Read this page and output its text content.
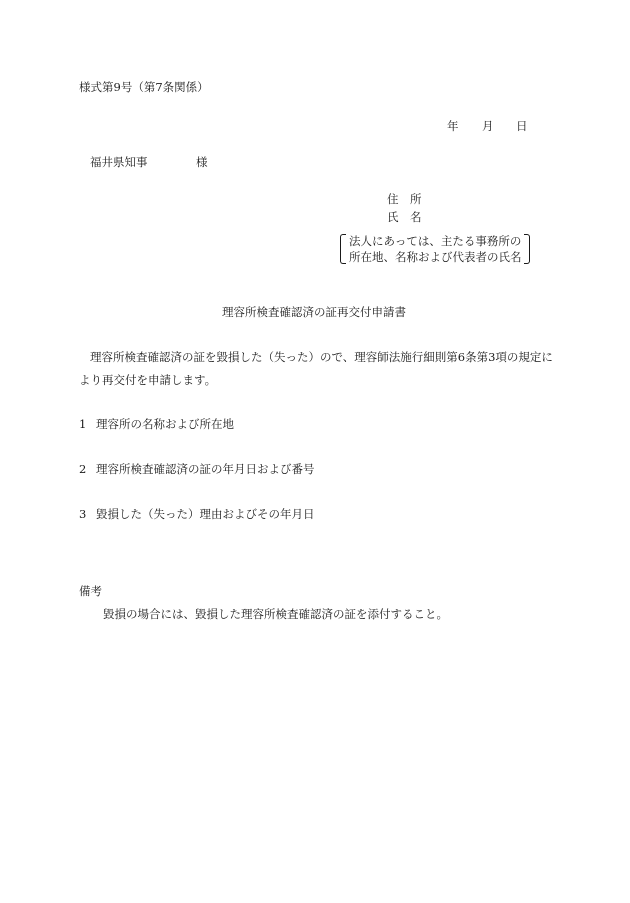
様式第9号（第7条関係）
年 月 日
福井県知事	様
住　所
氏　名
法人にあっては、主たる事務所の
所在地、名称および代表者の氏名
理容所検査確認済の証再交付申請書
理容所検査確認済の証を毀損した（失った）ので、理容師法施行細則第6条第3項の規定に
より再交付を申請します。
1 理容所の名称および所在地
2 理容所検査確認済の証の年月日および番号
3 毀損した（失った）理由およびその年月日
備考
毀損の場合には、毀損した理容所検査確認済の証を添付すること。
